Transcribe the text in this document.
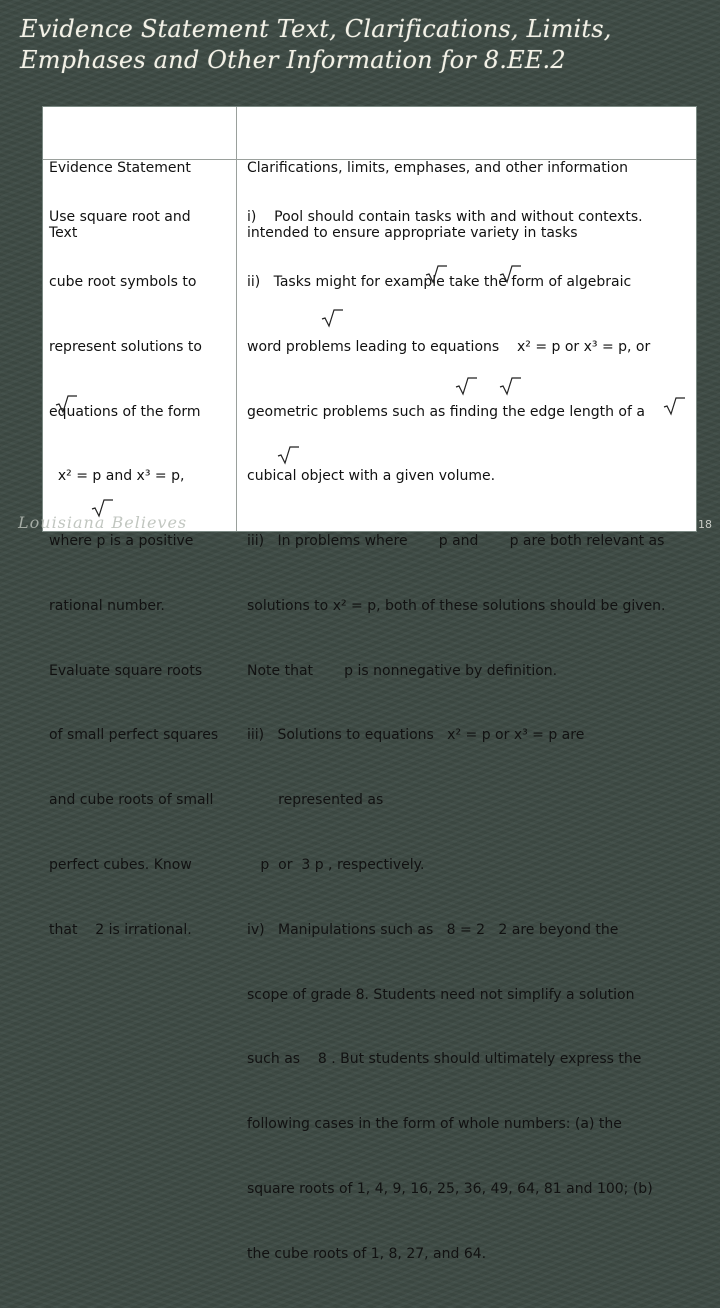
Evidence Statement Text, Clarifications, Limits,
Emphases and Other Information for 8.EE.2

Evidence Statement

Text

Clarifications, limits, emphases, and other information

intended to ensure appropriate variety in tasks

Use square root and

cube root symbols to

represent solutions to

equations of the form

x² = p and x³ = p,

where p is a positive

rational number.

Evaluate square roots

of small perfect squares

and cube roots of small

perfect cubes. Know

that    2 is irrational.

i)    Pool should contain tasks with and without contexts.

ii)   Tasks might for example take the form of algebraic

word problems leading to equations    x² = p or x³ = p, or

geometric problems such as finding the edge length of a

cubical object with a given volume.

iii)   In problems where       p and       p are both relevant as

solutions to x² = p, both of these solutions should be given.

Note that       p is nonnegative by definition.

iii)   Solutions to equations   x² = p or x³ = p are

represented as

p  or  3 p , respectively.

iv)   Manipulations such as   8 = 2   2 are beyond the

scope of grade 8. Students need not simplify a solution

such as    8 . But students should ultimately express the

following cases in the form of whole numbers: (a) the

square roots of 1, 4, 9, 16, 25, 36, 49, 64, 81 and 100; (b)

the cube roots of 1, 8, 27, and 64.

Louisiana Believes	18
